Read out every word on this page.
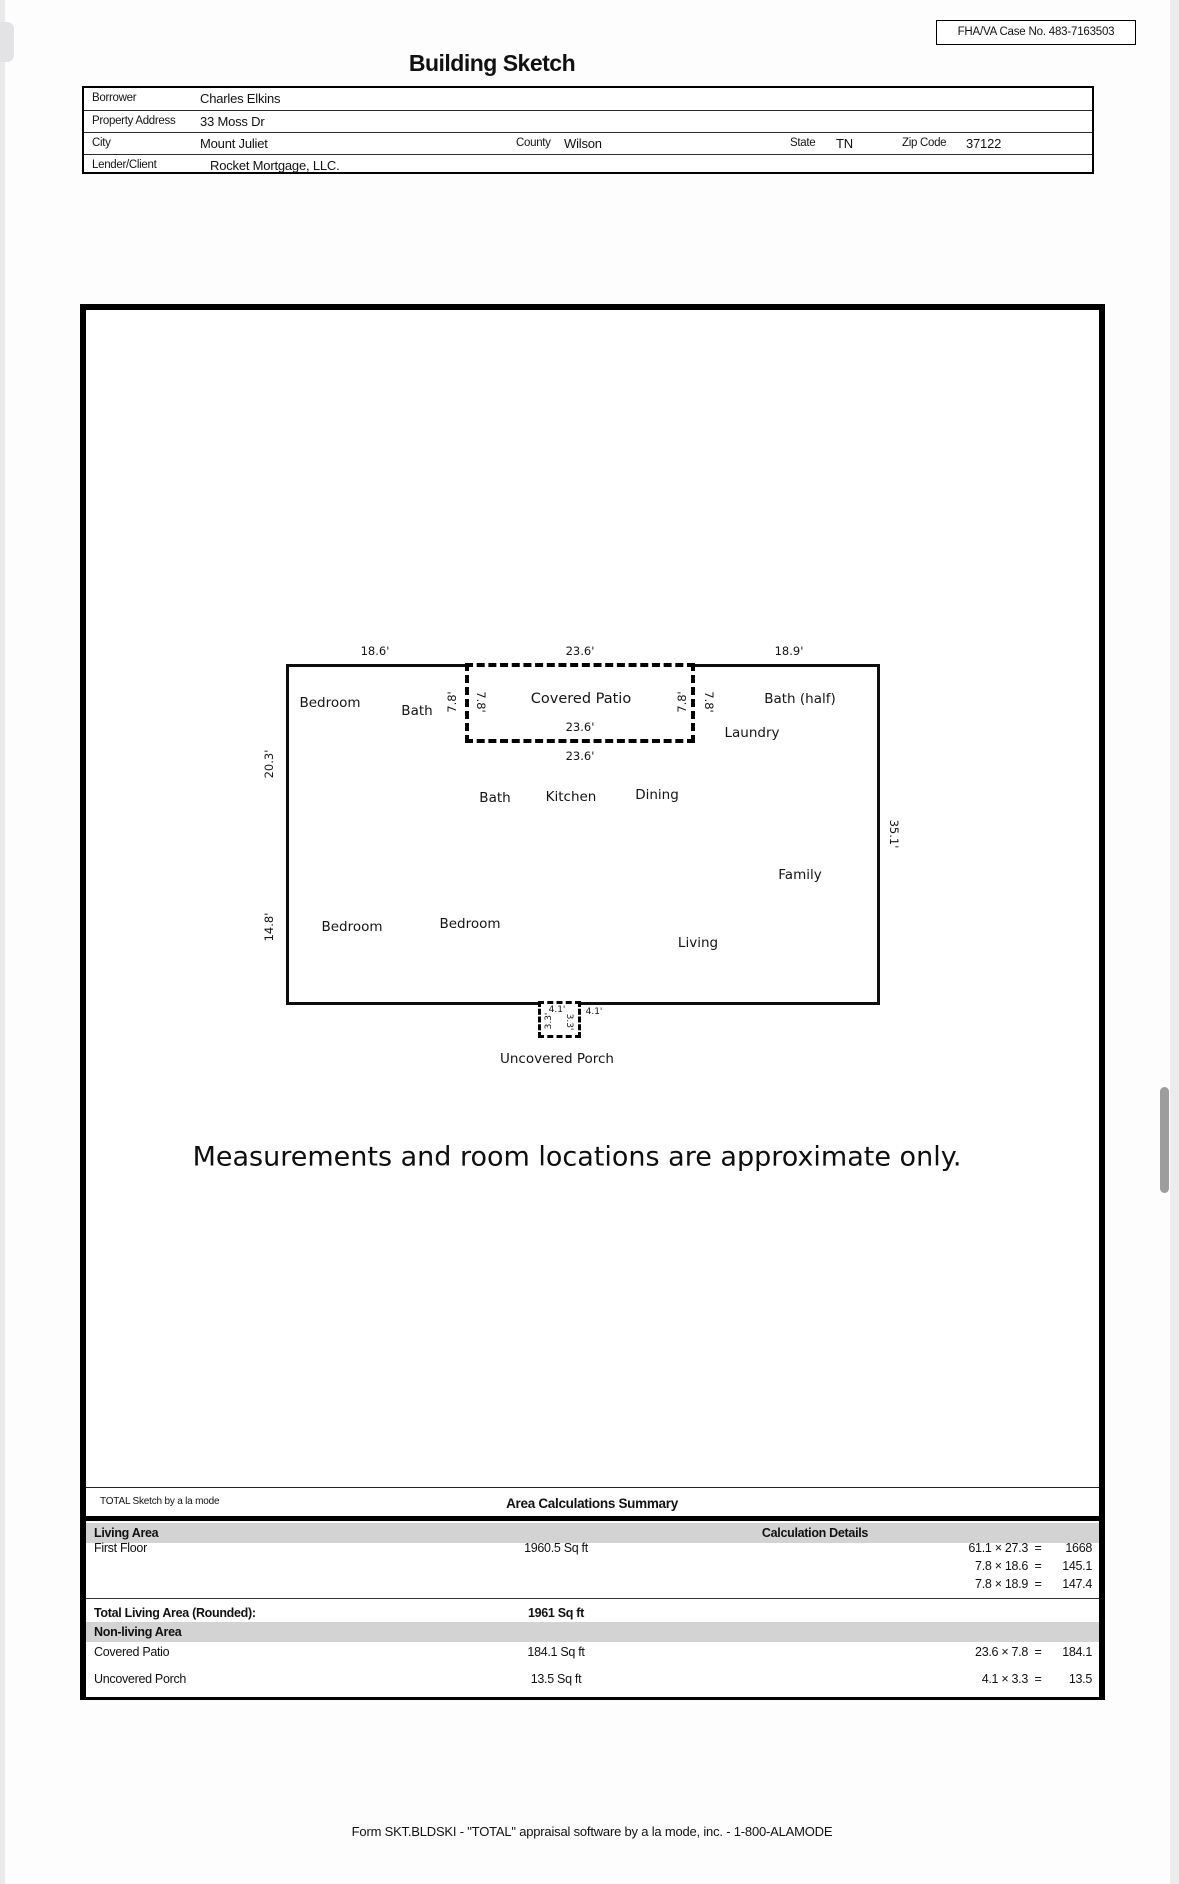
FHA/VA Case No. 483-7163503
Building Sketch
Borrower	Charles Elkins
Property Address 33 Moss Dr
City	Mount Juliet	County Wilson	State TN	Zip Code 37122
Lender/Client	Rocket Mortgage, LLC.
18.6'	23.6'	18.9'
Bedroom	Bath 7.8' 7.8'	Covered Patio	7.8' 7.8'	Bath (half)
23.6'	Laundry
23.6'
20.3'
35.1'
14.8'
Bath	Kitchen	Dining
Family
Bedroom	Bedroom
Living
4.1'
3.3' 3.3'
4.1'
Uncovered Porch
Measurements and room locations are approximate only.
TOTAL Sketch by a la mode	Area Calculations Summary
Living Area	Calculation Details
First Floor	1960.5 Sq ft	61.1 × 27.3 =	1668
7.8 × 18.6 =	145.1
7.8 × 18.9 =	147.4
Total Living Area (Rounded):	1961 Sq ft
Non-living Area
Covered Patio	184.1 Sq ft	23.6 × 7.8 =	184.1
Uncovered Porch	13.5 Sq ft	4.1 × 3.3 =	13.5
Form SKT.BLDSKI - "TOTAL" appraisal software by a la mode, inc. - 1-800-ALAMODE
